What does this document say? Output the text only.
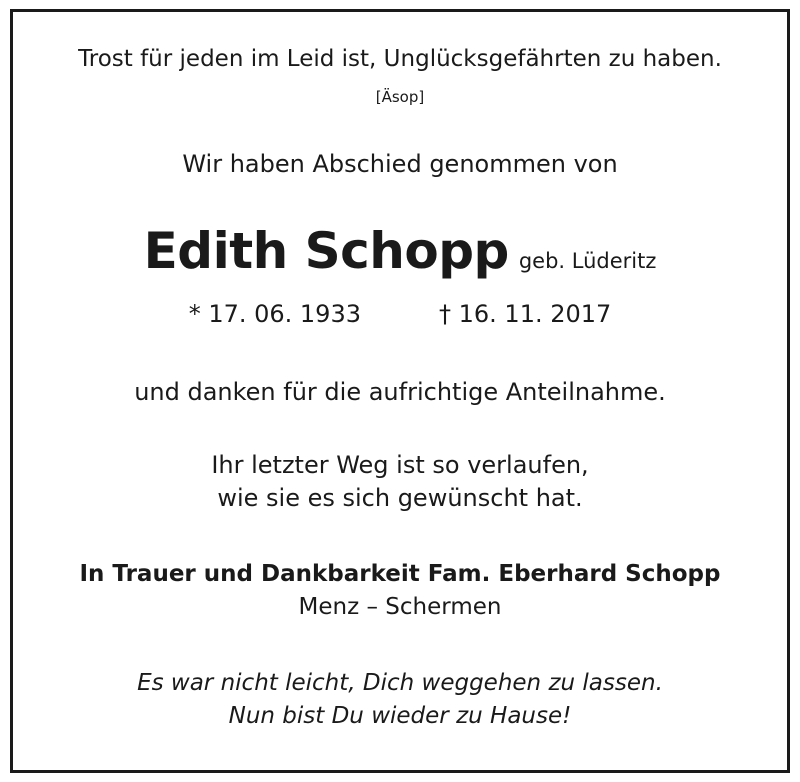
Trost für jeden im Leid ist, Unglücksgefährten zu haben.
[Äsop]
Wir haben Abschied genommen von
Edith Schopp geb. Lüderitz
* 17. 06. 1933	† 16. 11. 2017
und danken für die aufrichtige Anteilnahme.
Ihr letzter Weg ist so verlaufen,
wie sie es sich gewünscht hat.
In Trauer und Dankbarkeit Fam. Eberhard Schopp
Menz – Schermen
Es war nicht leicht, Dich weggehen zu lassen.
Nun bist Du wieder zu Hause!
